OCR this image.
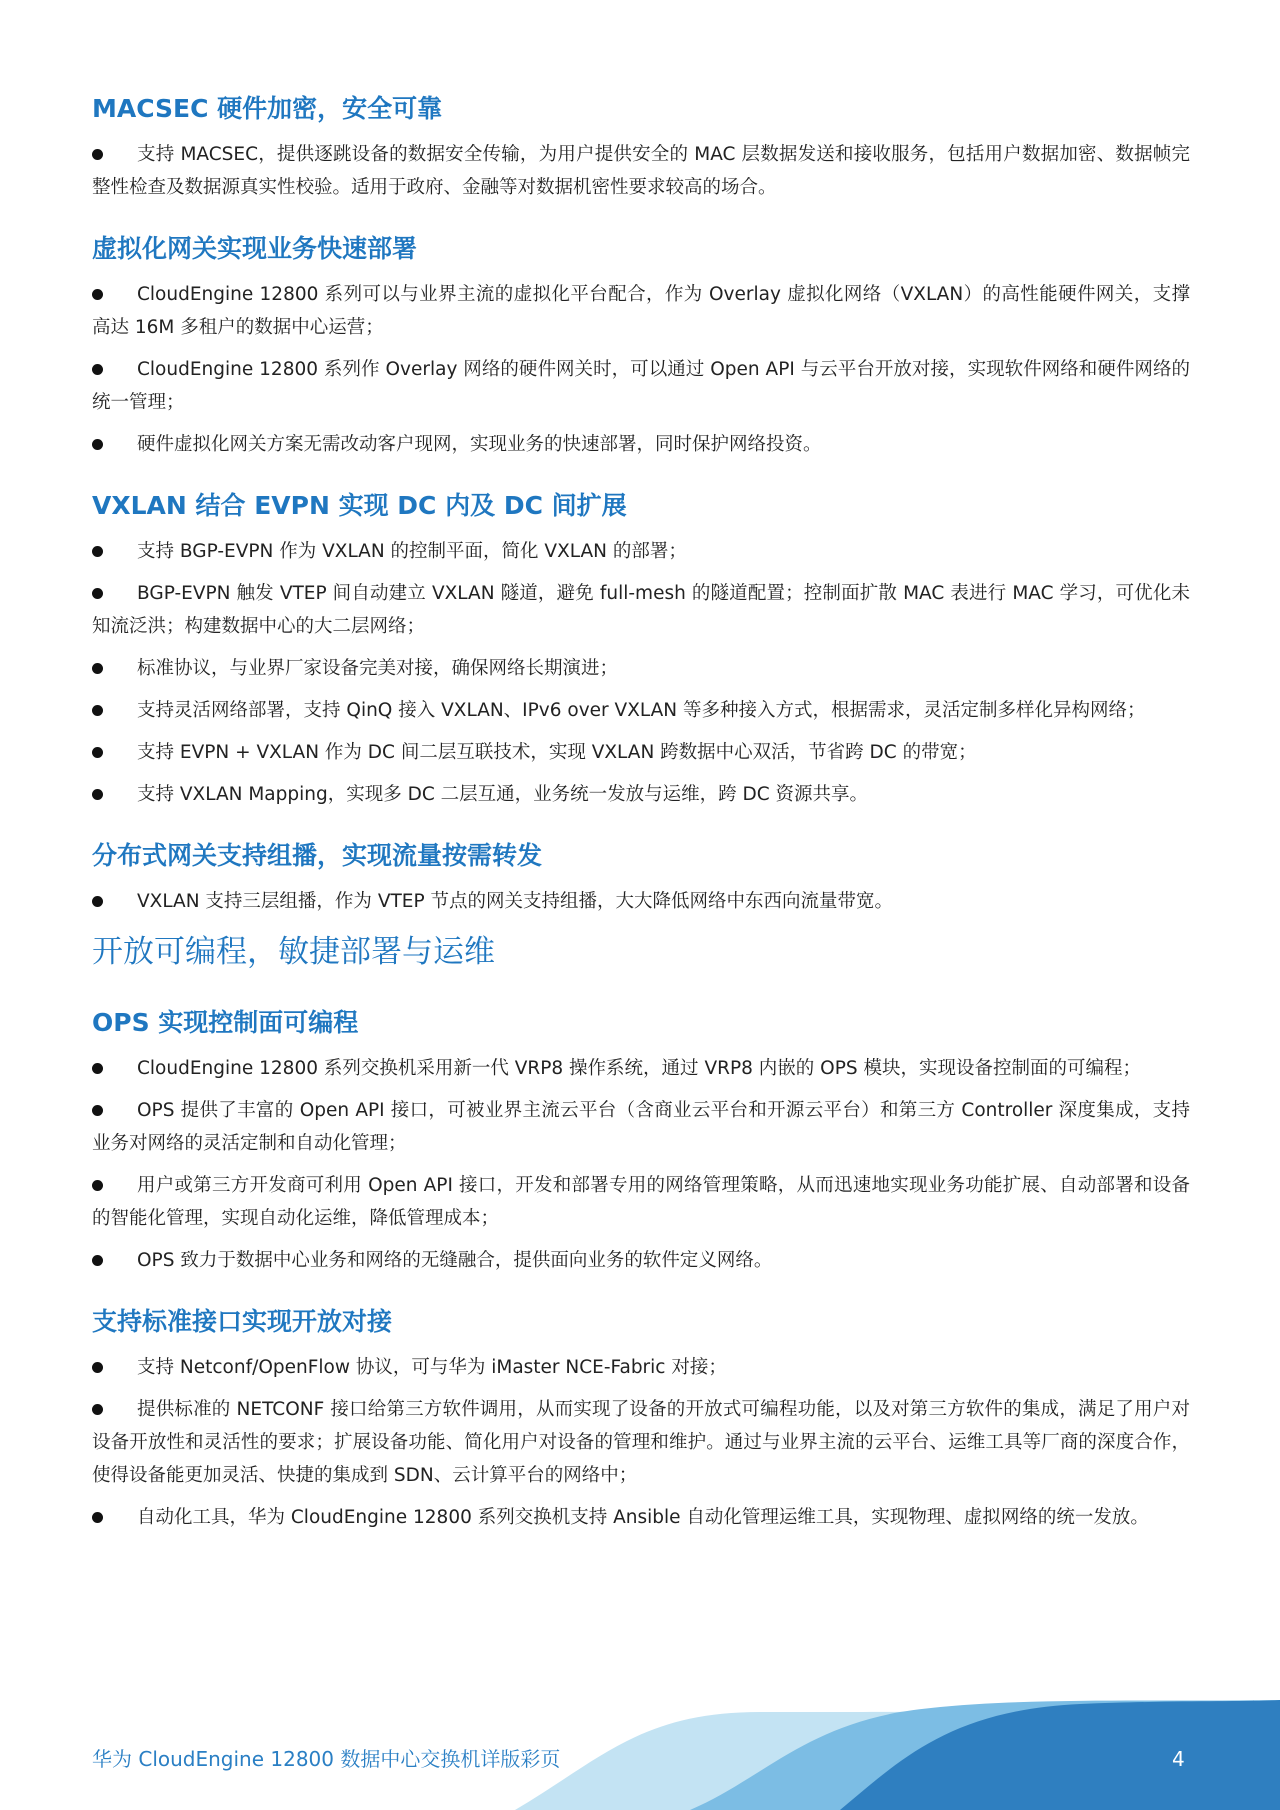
MACSEC 硬件加密，安全可靠
支持 MACSEC，提供逐跳设备的数据安全传输，为用户提供安全的 MAC 层数据发送和接收服务，包括用户数据加密、数据帧完整性检查及数据源真实性校验。适用于政府、金融等对数据机密性要求较高的场合。
虚拟化网关实现业务快速部署
CloudEngine 12800 系列可以与业界主流的虚拟化平台配合，作为 Overlay 虚拟化网络（VXLAN）的高性能硬件网关，支撑高达 16M 多租户的数据中心运营；
CloudEngine 12800 系列作 Overlay 网络的硬件网关时，可以通过 Open API 与云平台开放对接，实现软件网络和硬件网络的统一管理；
硬件虚拟化网关方案无需改动客户现网，实现业务的快速部署，同时保护网络投资。
VXLAN 结合 EVPN 实现 DC 内及 DC 间扩展
支持 BGP-EVPN 作为 VXLAN 的控制平面，简化 VXLAN 的部署；
BGP-EVPN 触发 VTEP 间自动建立 VXLAN 隧道，避免 full-mesh 的隧道配置；控制面扩散 MAC 表进行 MAC 学习，可优化未知流泛洪；构建数据中心的大二层网络；
标准协议，与业界厂家设备完美对接，确保网络长期演进；
支持灵活网络部署，支持 QinQ 接入 VXLAN、IPv6 over VXLAN 等多种接入方式，根据需求，灵活定制多样化异构网络；
支持 EVPN + VXLAN 作为 DC 间二层互联技术，实现 VXLAN 跨数据中心双活，节省跨 DC 的带宽；
支持 VXLAN Mapping，实现多 DC 二层互通，业务统一发放与运维，跨 DC 资源共享。
分布式网关支持组播，实现流量按需转发
VXLAN 支持三层组播，作为 VTEP 节点的网关支持组播，大大降低网络中东西向流量带宽。
开放可编程，敏捷部署与运维
OPS 实现控制面可编程
CloudEngine 12800 系列交换机采用新一代 VRP8 操作系统，通过 VRP8 内嵌的 OPS 模块，实现设备控制面的可编程；
OPS 提供了丰富的 Open API 接口，可被业界主流云平台（含商业云平台和开源云平台）和第三方 Controller 深度集成，支持业务对网络的灵活定制和自动化管理；
用户或第三方开发商可利用 Open API 接口，开发和部署专用的网络管理策略，从而迅速地实现业务功能扩展、自动部署和设备的智能化管理，实现自动化运维，降低管理成本；
OPS 致力于数据中心业务和网络的无缝融合，提供面向业务的软件定义网络。
支持标准接口实现开放对接
支持 Netconf/OpenFlow 协议，可与华为 iMaster NCE-Fabric 对接；
提供标准的 NETCONF 接口给第三方软件调用，从而实现了设备的开放式可编程功能，以及对第三方软件的集成，满足了用户对设备开放性和灵活性的要求；扩展设备功能、简化用户对设备的管理和维护。通过与业界主流的云平台、运维工具等厂商的深度合作，使得设备能更加灵活、快捷的集成到 SDN、云计算平台的网络中；
自动化工具，华为 CloudEngine 12800 系列交换机支持 Ansible 自动化管理运维工具，实现物理、虚拟网络的统一发放。
华为 CloudEngine 12800 数据中心交换机详版彩页	4
